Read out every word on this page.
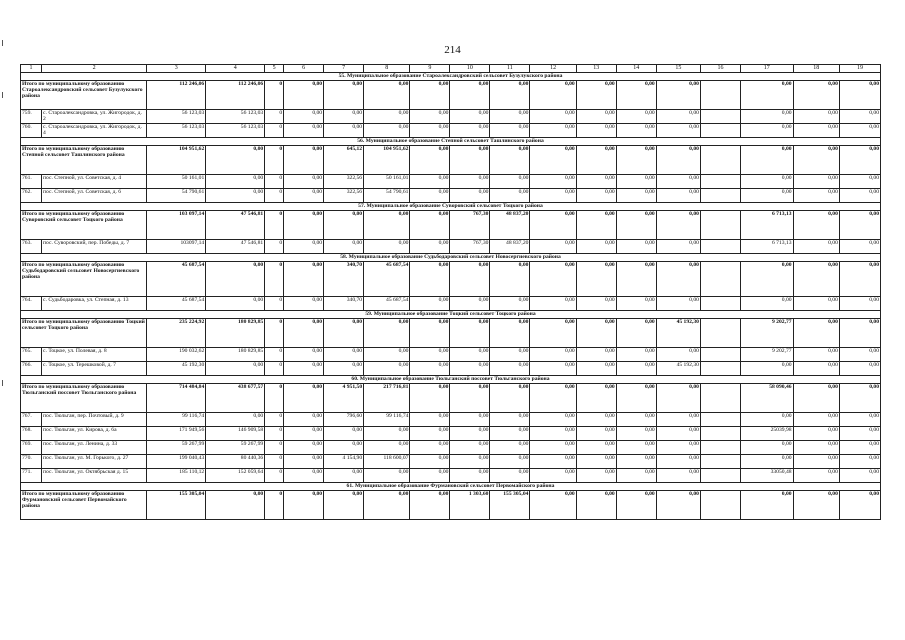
214
1	2	3	4	5	6	7	8	9	10	11	12	13	14	15	16	17	18	19
55. Муниципальное образование Староалександровский сельсовет Бузулукского района																		
Итого по муниципальному образованию Староалександровский сельсовет Бузулукского района		112 246,06	112 246,06	0	0,00	0,00	0,00	0,00	0,00	0,00	0,00	0,00	0,00	0,00		0,00	0,00	0,00
759.	с. Староалександровка, ул. Жигородок, д. 2	56 123,03	56 123,03	0	0,00	0,00	0,00	0,00	0,00	0,00	0,00	0,00	0,00	0,00		0,00	0,00	0,00
760.	с. Староалександровка, ул. Жигородок, д. 4	56 123,03	56 123,03	0	0,00	0,00	0,00	0,00	0,00	0,00	0,00	0,00	0,00	0,00		0,00	0,00	0,00
56. Муниципальное образование Степной сельсовет Ташлинского района																		
Итого по муниципальному образованию Степной сельсовет Ташлинского района		104 951,62	0,00	0	0,00	645,12	104 951,62	0,00	0,00	0,00	0,00	0,00	0,00	0,00		0,00	0,00	0,00
761.	пос. Степной, ул. Советская, д. 4	50 161,01	0,00	0	0,00	322,56	50 161,01	0,00	0,00	0,00	0,00	0,00	0,00	0,00		0,00	0,00	0,00
762.	пос. Степной, ул. Советская, д. 6	54 790,61	0,00	0	0,00	322,56	54 790,61	0,00	0,00	0,00	0,00	0,00	0,00	0,00		0,00	0,00	0,00
57. Муниципальное образование Суворовский сельсовет Тоцкого района																		
Итого по муниципальному образованию Суворовский сельсовет Тоцкого района		103 097,14	47 546,81	0	0,00	0,00	0,00	0,00	767,30	48 837,20	0,00	0,00	0,00	0,00		6 713,13	0,00	0,00
763.	пос. Суворовский, пер. Победы, д. 7	103097,14	47 546,81	0	0,00	0,00	0,00	0,00	767,30	48 837,20	0,00	0,00	0,00	0,00		6 713,13	0,00	0,00
58. Муниципальное образование Судьбодаровский сельсовет Новосергиевского района																		
Итого по муниципальному образованию Судьбодаровский сельсовет Новосергиевского района		45 687,54	0,00	0	0,00	340,70	45 687,54	0,00	0,00	0,00	0,00	0,00	0,00	0,00		0,00	0,00	0,00
764.	с. Судьбодаровка, ул. Степная, д. 13	45 687,54	0,00	0	0,00	340,70	45 687,54	0,00	0,00	0,00	0,00	0,00	0,00	0,00		0,00	0,00	0,00
59. Муниципальное образование Тоцкий сельсовет Тоцкого района																		
Итого по муниципальному образованию Тоцкий сельсовет Тоцкого района		235 224,92	180 829,85	0	0,00	0,00	0,00	0,00	0,00	0,00	0,00	0,00	0,00	45 192,30		9 202,77	0,00	0,00
765.	с. Тоцкое, ул. Полевая, д. 8	190 032,62	180 829,85	0	0,00	0,00	0,00	0,00	0,00	0,00	0,00	0,00	0,00	0,00		9 202,77	0,00	0,00
766.	с. Тоцкое, ул. Терешковой, д. 7	45 192,30	0,00	0	0,00	0,00	0,00	0,00	0,00	0,00	0,00	0,00	0,00	45 192,30		0,00	0,00	0,00
60. Муниципальное образование Тюльганский поссовет Тюльганского района																		
Итого по муниципальному образованию Тюльганский поссовет Тюльганского района		714 484,84	438 677,57	0	0,00	4 951,50	217 716,81	0,00	0,00	0,00	0,00	0,00	0,00	0,00		58 090,46	0,00	0,00
767.	пос. Тюльган, пер. Почтовый, д. 9	99 116,74	0,00	0	0,00	796,60	99 116,74	0,00	0,00	0,00	0,00	0,00	0,00	0,00		0,00	0,00	0,00
768.	пос. Тюльган, ул. Кирова, д. 6а	171 949,56	146 909,58	0	0,00	0,00	0,00	0,00	0,00	0,00	0,00	0,00	0,00	0,00		25039,98	0,00	0,00
769.	пос. Тюльган, ул. Ленина, д. 33	59 267,99	59 267,99	0	0,00	0,00	0,00	0,00	0,00	0,00	0,00	0,00	0,00	0,00		0,00	0,00	0,00
770.	пос. Тюльган, ул. М. Горького, д. 27	199 040,43	80 440,36	0	0,00	4 154,90	118 600,07	0,00	0,00	0,00	0,00	0,00	0,00	0,00		0,00	0,00	0,00
771.	пос. Тюльган, ул. Октябрьская д. 15	185 110,12	152 059,64	0	0,00	0,00	0,00	0,00	0,00	0,00	0,00	0,00	0,00	0,00		33050,48	0,00	0,00
61. Муниципальное образование Фурмановский сельсовет Первомайского района																		
Итого по муниципальному образованию Фурмановский сельсовет Первомайского района		155 305,04	0,00	0	0,00	0,00	0,00	0,00	1 303,60	155 305,04	0,00	0,00	0,00	0,00		0,00	0,00	0,00
